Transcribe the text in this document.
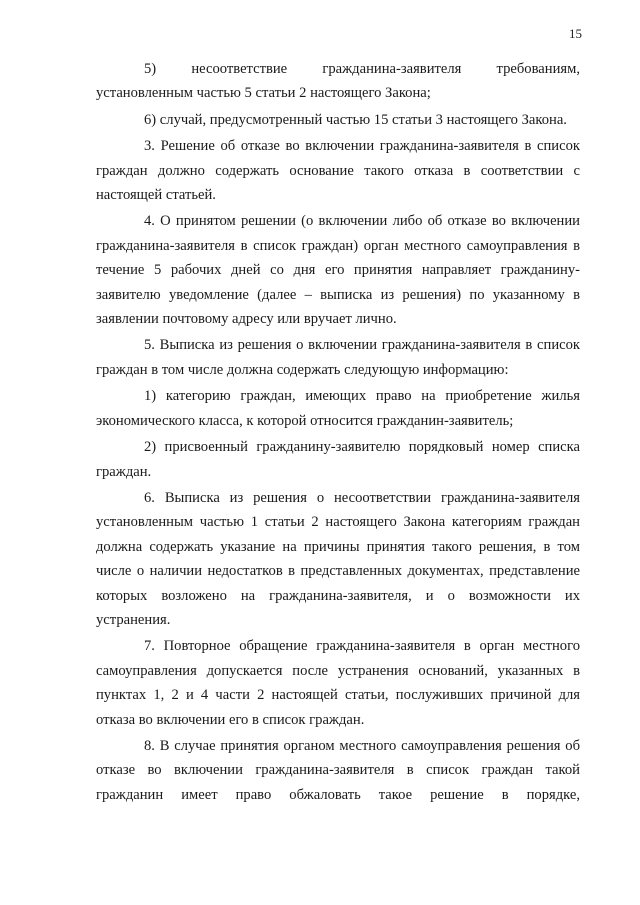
15

5) несоответствие гражданина-заявителя требованиям, установленным частью 5 статьи 2 настоящего Закона;

6) случай, предусмотренный частью 15 статьи 3 настоящего Закона.

3. Решение об отказе во включении гражданина-заявителя в список граждан должно содержать основание такого отказа в соответствии с настоящей статьей.

4. О принятом решении (о включении либо об отказе во включении гражданина-заявителя в список граждан) орган местного самоуправления в течение 5 рабочих дней со дня его принятия направляет гражданину-заявителю уведомление (далее – выписка из решения) по указанному в заявлении почтовому адресу или вручает лично.

5. Выписка из решения о включении гражданина-заявителя в список граждан в том числе должна содержать следующую информацию:

1) категорию граждан, имеющих право на приобретение жилья экономического класса, к которой относится гражданин-заявитель;

2) присвоенный гражданину-заявителю порядковый номер списка граждан.

6. Выписка из решения о несоответствии гражданина-заявителя установленным частью 1 статьи 2 настоящего Закона категориям граждан должна содержать указание на причины принятия такого решения, в том числе о наличии недостатков в представленных документах, представление которых возложено на гражданина-заявителя, и о возможности их устранения.

7. Повторное обращение гражданина-заявителя в орган местного самоуправления допускается после устранения оснований, указанных в пунктах 1, 2 и 4 части 2 настоящей статьи, послуживших причиной для отказа во включении его в список граждан.

8. В случае принятия органом местного самоуправления решения об отказе во включении гражданина-заявителя в список граждан такой гражданин имеет право обжаловать такое решение в порядке,
